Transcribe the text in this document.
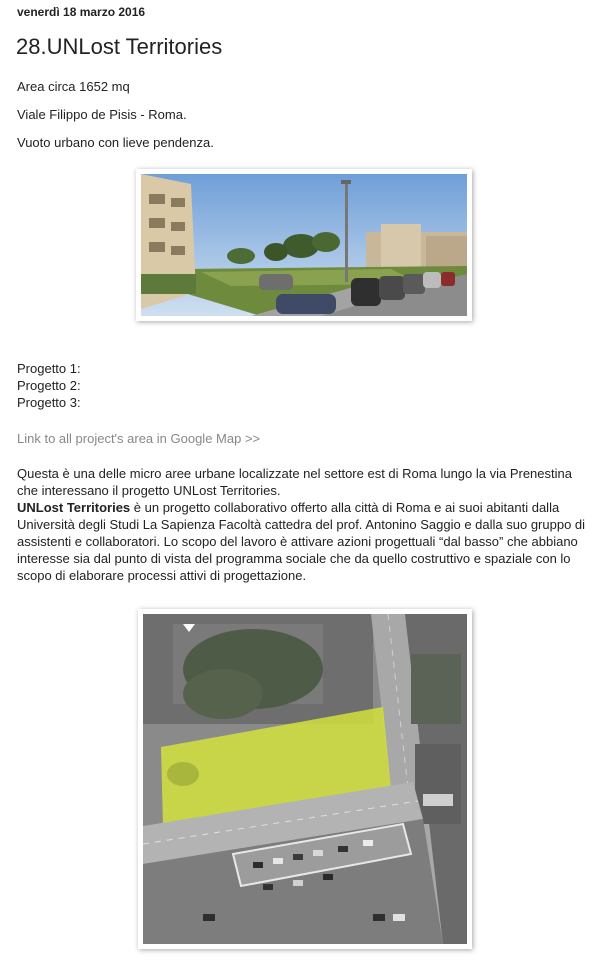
venerdì 18 marzo 2016
28.UNLost Territories

Area circa 1652 mq

Viale Filippo de Pisis - Roma.

Vuoto urbano con lieve pendenza.

Progetto 1:

Progetto 2:

Progetto 3:

Link to all project's area in Google Map >>
Questa è una delle micro aree urbane localizzate nel settore est di Roma lungo la via Prenestina
che interessano il progetto UNLost Territories.
UNLost Territories è un progetto collaborativo offerto alla città di Roma e ai suoi abitanti dalla Università degli Studi La Sapienza Facoltà cattedra del prof. Antonino Saggio e dalla suo gruppo di assistenti e collaboratori. Lo scopo del lavoro è attivare azioni progettuali “dal basso” che abbiano interesse sia dal punto di vista del programma sociale che da quello costruttivo e spaziale con lo scopo di elaborare processi attivi di progettazione.
